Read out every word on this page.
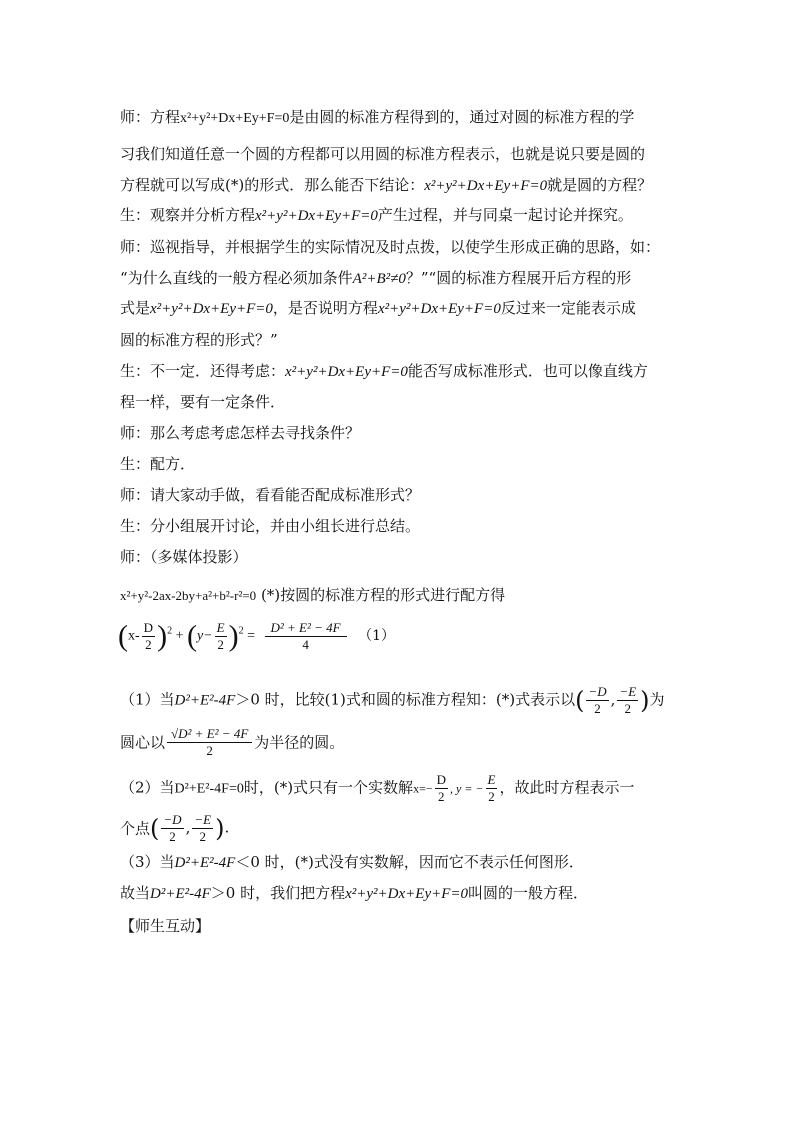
师：方程x²+y²+Dx+Ey+F=0是由圆的标准方程得到的，通过对圆的标准方程的学
习我们知道任意一个圆的方程都可以用圆的标准方程表示，也就是说只要是圆的
方程就可以写成(*)的形式．那么能否下结论：x²+y²+Dx+Ey+F=0就是圆的方程？
生：观察并分析方程x²+y²+Dx+Ey+F=0产生过程，并与同桌一起讨论并探究。
师：巡视指导，并根据学生的实际情况及时点拨，以使学生形成正确的思路，如：
“为什么直线的一般方程必须加条件A²+B²≠0？”“圆的标准方程展开后方程的形
式是x²+y²+Dx+Ey+F=0，是否说明方程x²+y²+Dx+Ey+F=0反过来一定能表示成
圆的标准方程的形式？”
生：不一定．还得考虑：x²+y²+Dx+Ey+F=0能否写成标准形式．也可以像直线方
程一样，要有一定条件．
师：那么考虑考虑怎样去寻找条件？
生：配方．
师：请大家动手做，看看能否配成标准形式？
生：分小组展开讨论，并由小组长进行总结。
师：（多媒体投影）
x²+y²-2ax-2by+a²+b²-r²=0 (*)按圆的标准方程的形式进行配方得
$(x- \frac{D}{2} )^2 + (y- \frac{E}{2} )^2 = \frac{\text{D² + E² − 4F}}{4} (1)$
（1）当D²+E²-4F＞0 时，比较(1)式和圆的标准方程知：(*)式表示以( $\frac{-D}{2}$ , $\frac{-E}{2}$ )为
圆心以 $\frac{\text{√D² + E² − 4F}}{2}$ 为半径的圆。
（2）当D²+E²-4F=0时，(*)式只有一个实数解$x=- \frac{D}{2}$ , y = − $\frac{E}{2}$ ，故此时方程表示一
个点( $\frac{-D}{2}$ , $\frac{-E}{2}$ ).
（3）当D²+E²-4F＜0 时，(*)式没有实数解，因而它不表示任何图形．
故当D²+E²-4F＞0 时，我们把方程x²+y²+Dx+Ey+F=0叫圆的一般方程．
【师生互动】
